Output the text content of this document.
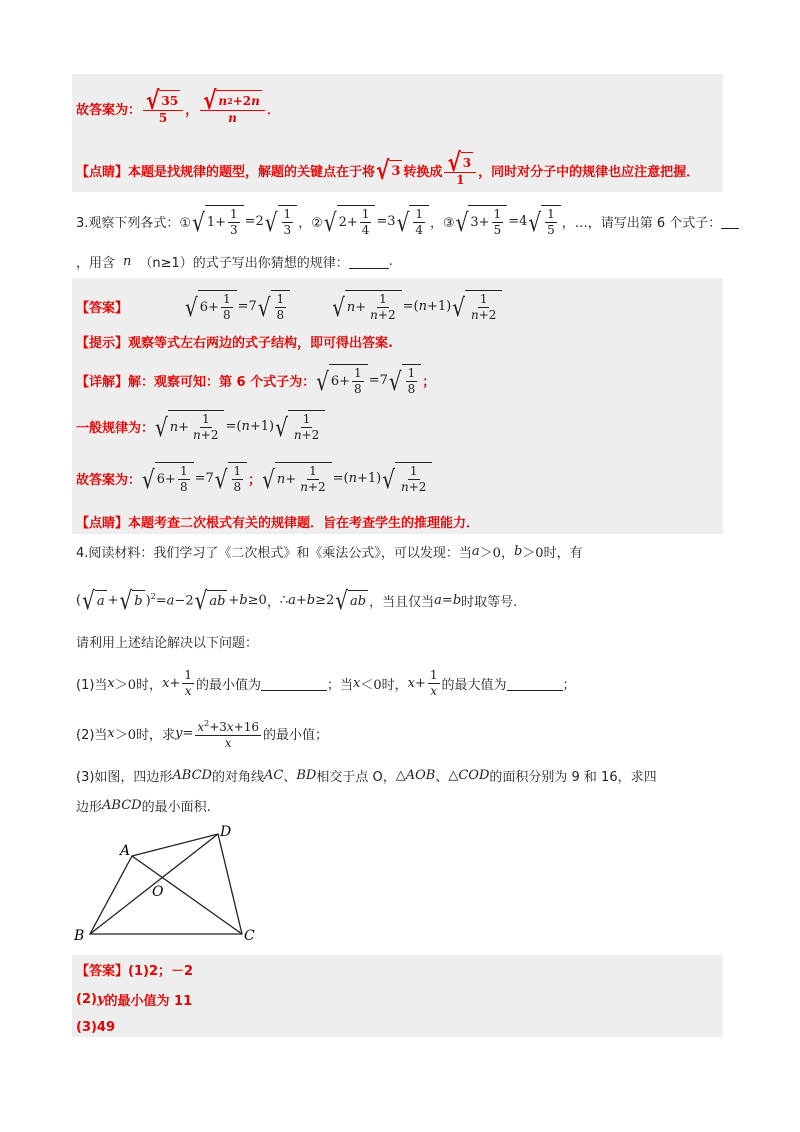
故答案为： $\frac{√ 35}{5}$ ， $\frac{√ n 2 +2 n}{n}$ ．
【点睛】 本题是找规律的题型，解题的关键点在于将 √ 3 转换成 $\frac{√ 3}{1}$ ，同时对分子中的规律也应注意把握．
3.观察下列各式：① √ $1+ \frac{1}{3} =2$ √ $\frac{1}{3}$ ，② √ $2+ \frac{1}{4} =3$ √ $\frac{1}{4}$ ，③ √ $3+ \frac{1}{5} =4$ √ $\frac{1}{5}$ ，…，请写出第 6 个式子：
，用含 n （n≥1）的式子写出你猜想的规律：	.
【答案】	√ $6+ \frac{1}{8} =7$ √ $\frac{1}{8}$ √ $n + \frac{1}{n+2} =(n+1)$ √ $\frac{1}{n+2}$
【提示】 观察等式左右两边的式子结构，即可得出答案.
【详解】 解：观察可知：第 6 个式子为： √ $6+ \frac{1}{8} =7$ √ $\frac{1}{8}$ ；
一般规律为： √ $n + \frac{1}{n+2} =(n+1)$ √ $\frac{1}{n+2}$
故答案为： √ $6+ \frac{1}{8} =7$ √ $\frac{1}{8}$ ； √ $n + \frac{1}{n+2} =(n+1)$ √ $\frac{1}{n+2}$
【点睛】 本题考查二次根式有关的规律题．旨在考查学生的推理能力．
4.阅读材料：我们学习了《二次根式》和《乘法公式》，可以发现：当 a ＞0， b ＞0 时，有
( √ a + √ b )$^2$=a−2 √ ab +b≥0 ， ∴ a+b≥2 √ ab ，当且仅当 a=b 时取等号.
请利用上述结论解决以下问题：
(1)当 x ＞0 时， $x + \frac{1}{x}$ 的最小值为	；当 x ＜0 时， $x + \frac{1}{x}$ 的最大值为	；
(2)当 x ＞0 时，求 $y = \frac{x^2+3x+16}{x}$ 的最小值；
(3)如图，四边形 ABCD 的对角线 AC 、 BD 相交于点 O， △ AOB 、 △ COD 的面积分别为 9 和 16，求四
边形 ABCD 的最小面积.
A
D
O
B	C
【答案】 (1)2；－2
(2) y 的最小值为 11
(3)49
